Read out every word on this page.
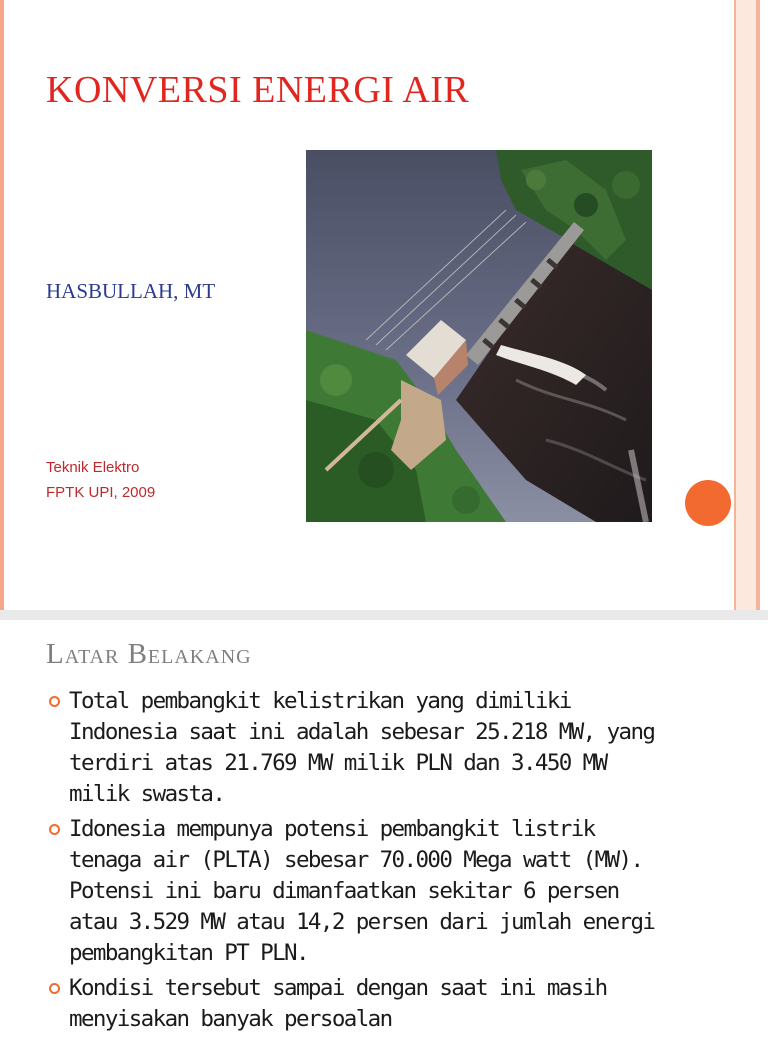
KONVERSI ENERGI AIR

HASBULLAH, MT

Teknik Elektro
FPTK UPI, 2009

Latar Belakang
Total pembangkit kelistrikan yang dimiliki Indonesia saat ini adalah sebesar 25.218 MW, yang terdiri atas 21.769 MW milik PLN dan 3.450 MW milik swasta.
Idonesia mempunya potensi pembangkit listrik tenaga air (PLTA) sebesar 70.000 Mega watt (MW). Potensi ini baru dimanfaatkan sekitar 6 persen atau 3.529 MW atau 14,2 persen dari jumlah energi pembangkitan PT PLN.
Kondisi tersebut sampai dengan saat ini masih menyisakan banyak persoalan
